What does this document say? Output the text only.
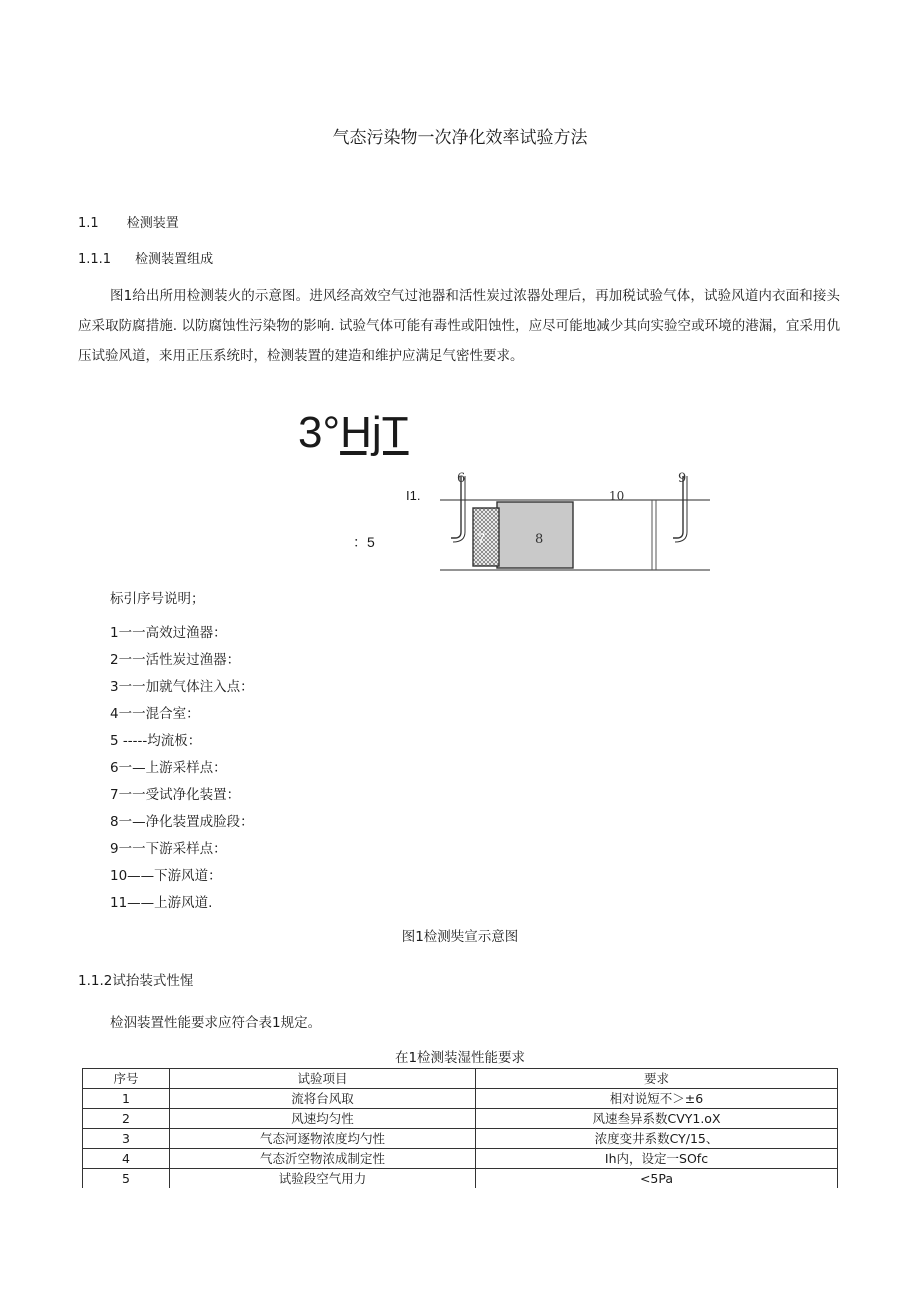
气态污染物一次净化效率试验方法
1.1 检测装置
1.1.1 检测装置组成
图1给出所用检测装火的示意图。进风经高效空气过池器和活性炭过浓器处理后，再加税试验气体，试验风道内衣面和接头应采取防腐措施. 以防腐蚀性污染物的影响. 试验气体可能有毒性或阳蚀性，应尽可能地减少其向实验空或环境的港漏，宜采用仇压试验风道，来用正压系统时，检测装置的建造和维护应满足气密性要求。
3°HjT
I1.
：5
6	9
10
7	8
标引序号说明；
1一一高效过渔器：
2一一活性炭过渔器：
3一一加就气体注入点：
4一一混合室：
5 -----均流板：
6一—上游采样点：
7一一受试净化装置：
8一—净化装置成脸段：
9一一下游采样点：
10——下游风道：
11——上游风道.
图1检测奘宣示意图
1.1.2试抬装式性惺
检泅装置性能要求应符合表1规定。
在1检测装湿性能要求
序号	试验项目	要求
1	流将台风取	相对说短不＞±6
2	风速均匀性	风速叁异系数CVY1.oX
3	气态河逐物浓度均勺性	浓度变井系数CY/15、
4	气态沂空物浓成制定性	Ih内，设定一SOfc
5	试验段空气用力	<5Pa
